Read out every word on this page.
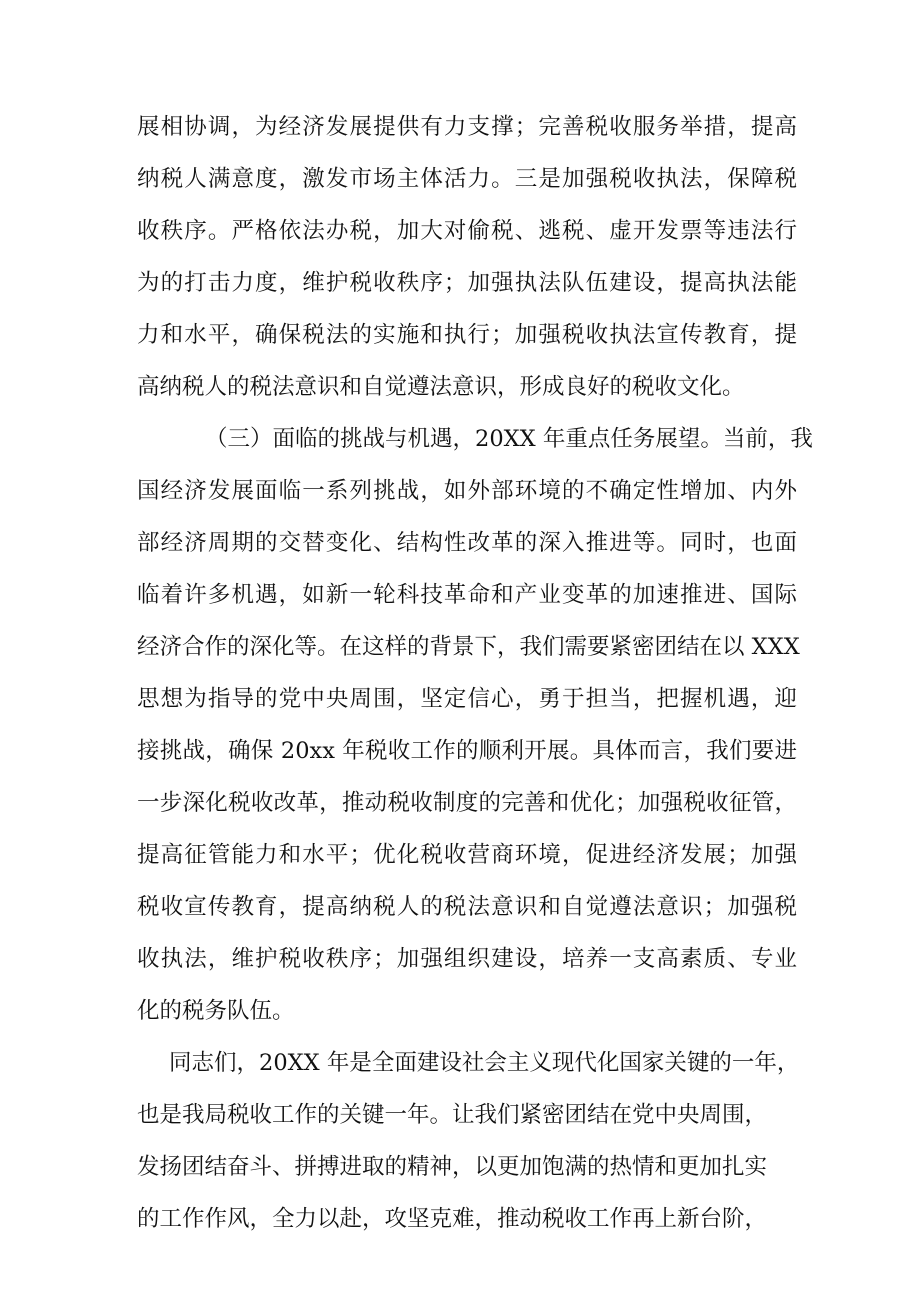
展相协调，为经济发展提供有力支撑；完善税收服务举措，提高
纳税人满意度，激发市场主体活力。三是加强税收执法，保障税
收秩序。严格依法办税，加大对偷税、逃税、虚开发票等违法行
为的打击力度，维护税收秩序；加强执法队伍建设，提高执法能
力和水平，确保税法的实施和执行；加强税收执法宣传教育，提
高纳税人的税法意识和自觉遵法意识，形成良好的税收文化。
（三）面临的挑战与机遇，20XX 年重点任务展望。当前，我
国经济发展面临一系列挑战，如外部环境的不确定性增加、内外
部经济周期的交替变化、结构性改革的深入推进等。同时，也面
临着许多机遇，如新一轮科技革命和产业变革的加速推进、国际
经济合作的深化等。在这样的背景下，我们需要紧密团结在以 XXX
思想为指导的党中央周围，坚定信心，勇于担当，把握机遇，迎
接挑战，确保 20xx 年税收工作的顺利开展。具体而言，我们要进
一步深化税收改革，推动税收制度的完善和优化；加强税收征管，
提高征管能力和水平；优化税收营商环境，促进经济发展；加强
税收宣传教育，提高纳税人的税法意识和自觉遵法意识；加强税
收执法，维护税收秩序；加强组织建设，培养一支高素质、专业
化的税务队伍。
同志们，20XX 年是全面建设社会主义现代化国家关键的一年，
也是我局税收工作的关键一年。让我们紧密团结在党中央周围，
发扬团结奋斗、拼搏进取的精神，以更加饱满的热情和更加扎实
的工作作风，全力以赴，攻坚克难，推动税收工作再上新台阶，
